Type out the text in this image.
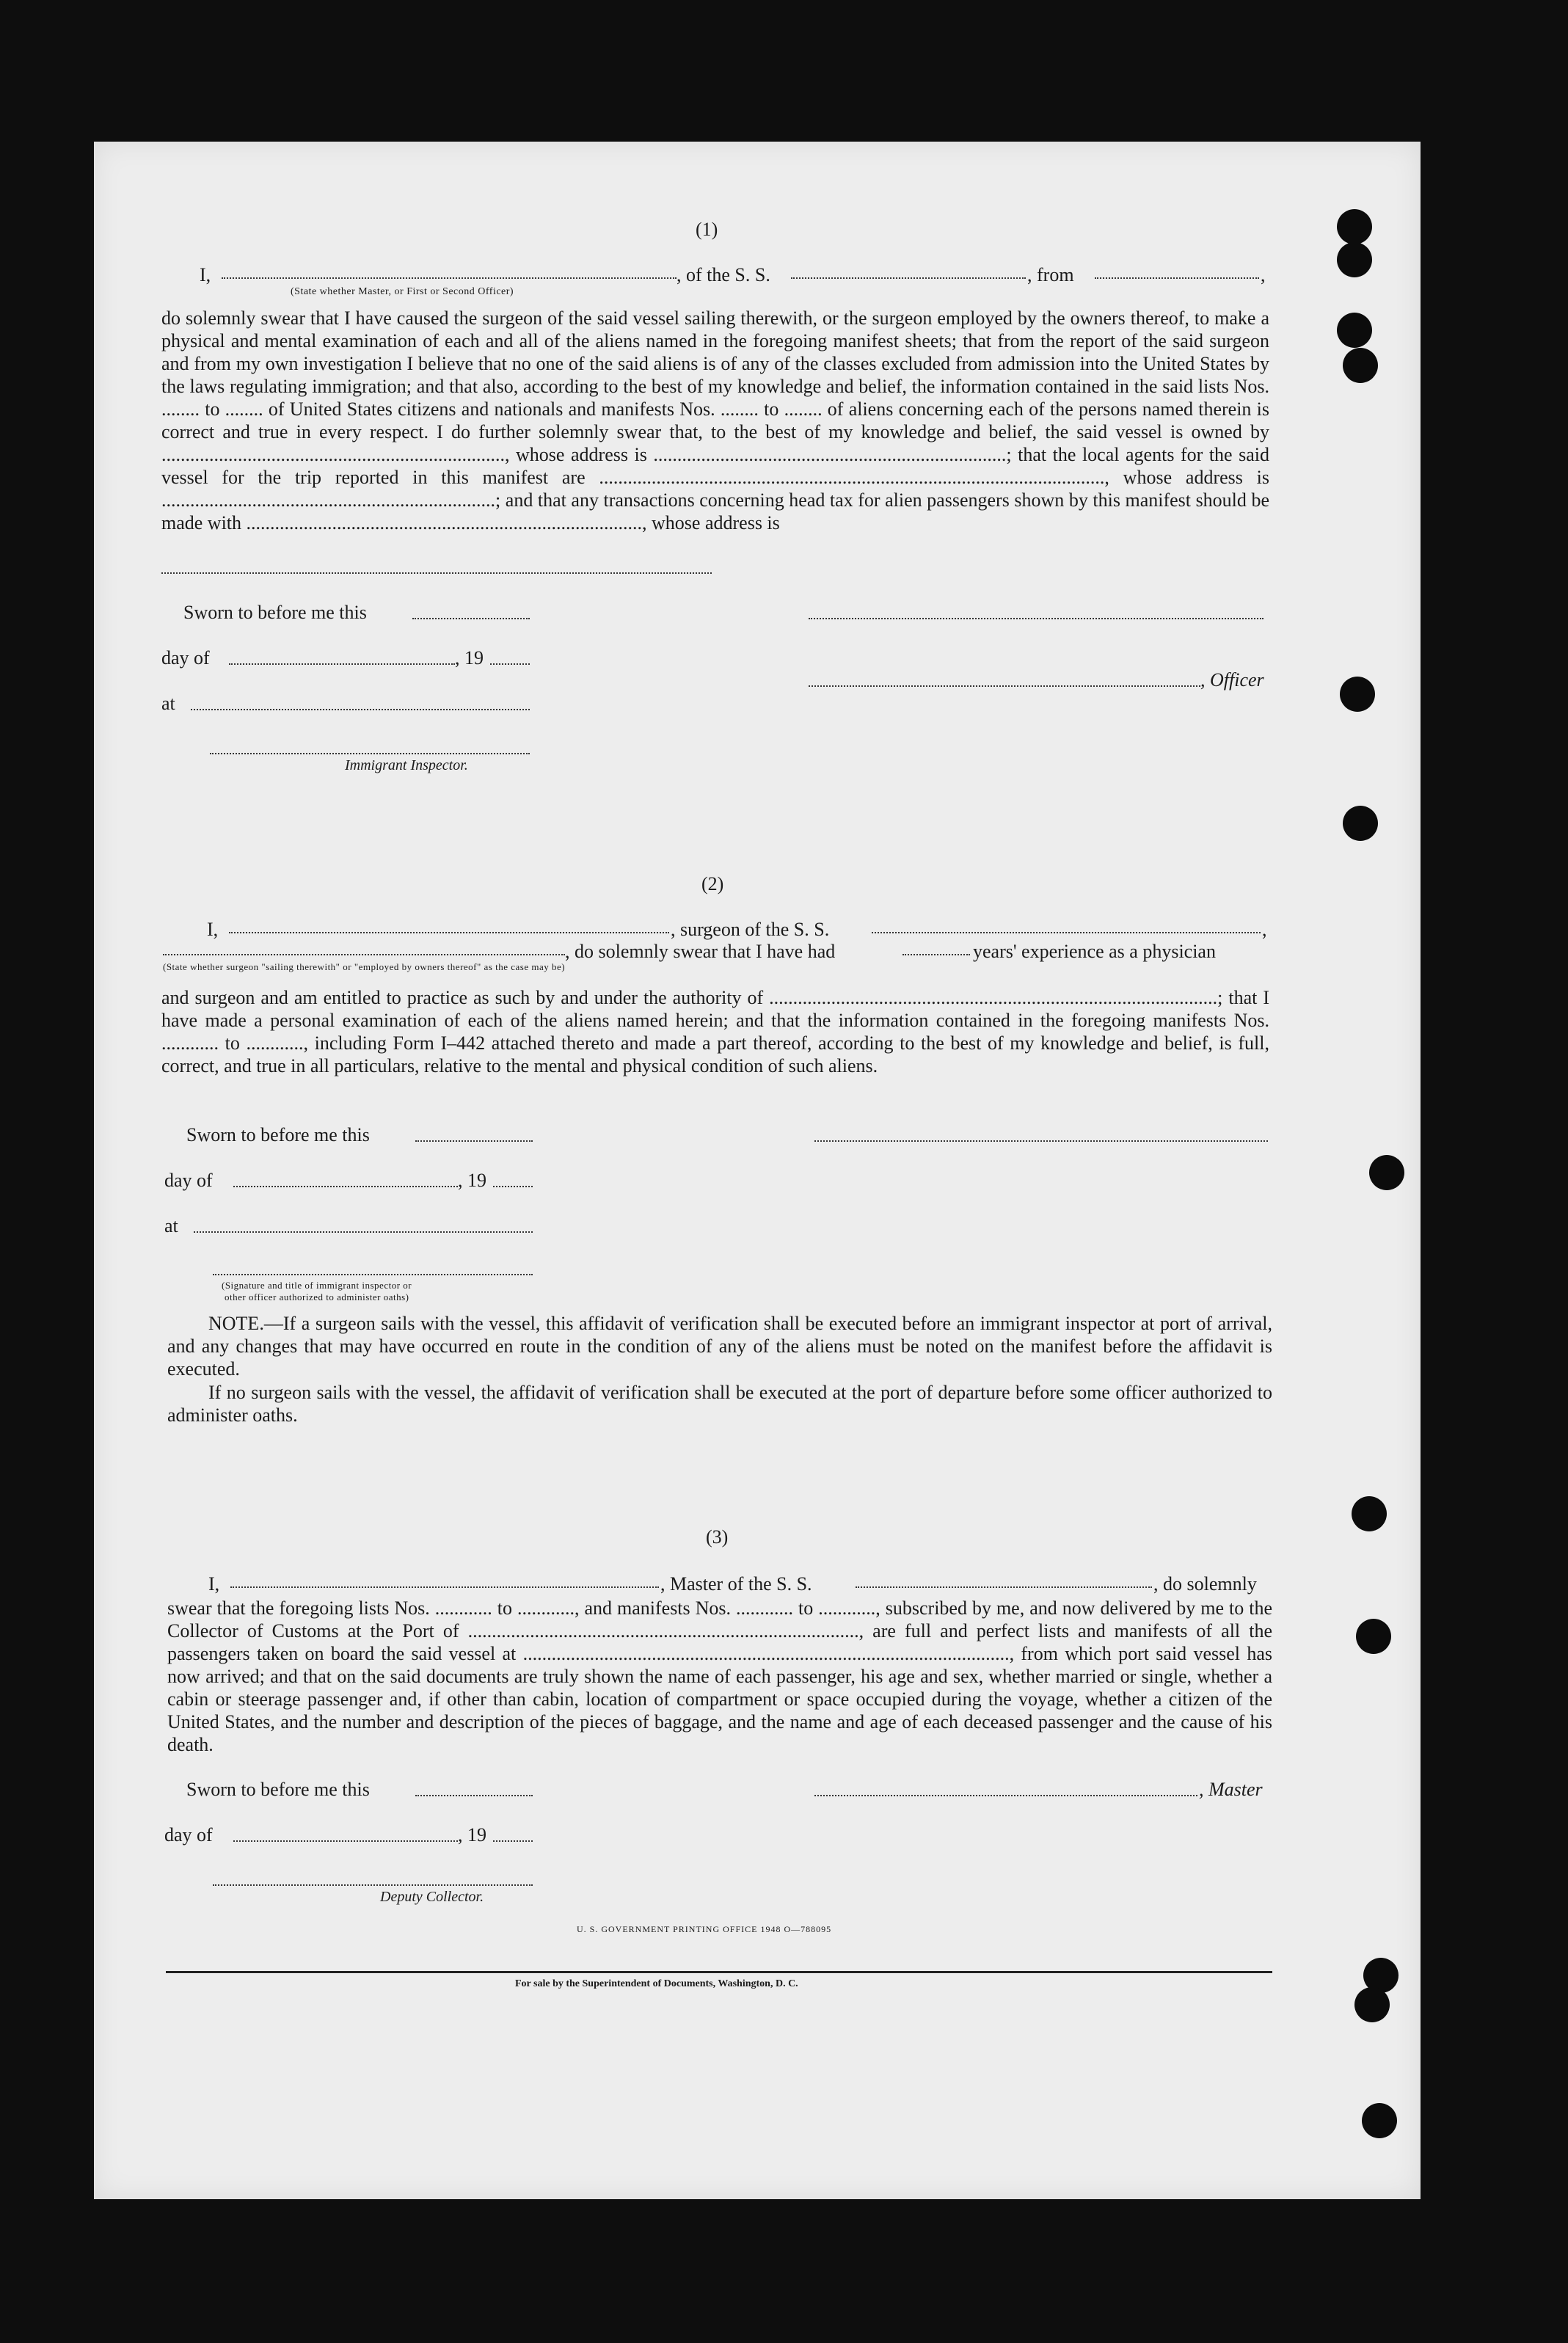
(1)
I,	, of the S. S.	, from	,
(State whether Master, or First or Second Officer)
do solemnly swear that I have caused the surgeon of the said vessel sailing therewith, or the surgeon employed by the owners thereof, to make a physical and mental examination of each and all of the aliens named in the foregoing manifest sheets; that from the report of the said surgeon and from my own investigation I believe that no one of the said aliens is of any of the classes excluded from admission into the United States by the laws regulating immigration; and that also, according to the best of my knowledge and belief, the information contained in the said lists Nos. ........ to ........ of United States citizens and nationals and manifests Nos. ........ to ........ of aliens concerning each of the persons named therein is correct and true in every respect. I do further solemnly swear that, to the best of my knowledge and belief, the said vessel is owned by ........................................................................, whose address is ..........................................................................; that the local agents for the said vessel for the trip reported in this manifest are .........................................................................................................., whose address is ......................................................................; and that any transactions concerning head tax for alien passengers shown by this manifest should be made with ..................................................................................., whose address is
Sworn to before me this
day of	, 19
at
, Officer
Immigrant Inspector.
(2)
I,	, surgeon of the S. S.	,
, do solemnly swear that I have had	years' experience as a physician
(State whether surgeon "sailing therewith" or "employed by owners thereof" as the case may be)
and surgeon and am entitled to practice as such by and under the authority of ..............................................................................................; that I have made a personal examination of each of the aliens named herein; and that the information contained in the foregoing manifests Nos. ............ to ............, including Form I–442 attached thereto and made a part thereof, according to the best of my knowledge and belief, is full, correct, and true in all particulars, relative to the mental and physical condition of such aliens.
Sworn to before me this
day of	, 19
at
(Signature and title of immigrant inspector or
other officer authorized to administer oaths)
NOTE.—If a surgeon sails with the vessel, this affidavit of verification shall be executed before an immigrant inspector at port of arrival, and any changes that may have occurred en route in the condition of any of the aliens must be noted on the manifest before the affidavit is executed.
If no surgeon sails with the vessel, the affidavit of verification shall be executed at the port of departure before some officer authorized to administer oaths.
(3)
I,	, Master of the S. S.	, do solemnly
swear that the foregoing lists Nos. ............ to ............, and manifests Nos. ............ to ............, subscribed by me, and now delivered by me to the Collector of Customs at the Port of .................................................................................., are full and perfect lists and manifests of all the passengers taken on board the said vessel at ......................................................................................................, from which port said vessel has now arrived; and that on the said documents are truly shown the name of each passenger, his age and sex, whether married or single, whether a cabin or steerage passenger and, if other than cabin, location of compartment or space occupied during the voyage, whether a citizen of the United States, and the number and description of the pieces of baggage, and the name and age of each deceased passenger and the cause of his death.
Sworn to before me this	, Master
day of	, 19
Deputy Collector.
U. S. GOVERNMENT PRINTING OFFICE 1948 O—788095
For sale by the Superintendent of Documents, Washington, D. C.
